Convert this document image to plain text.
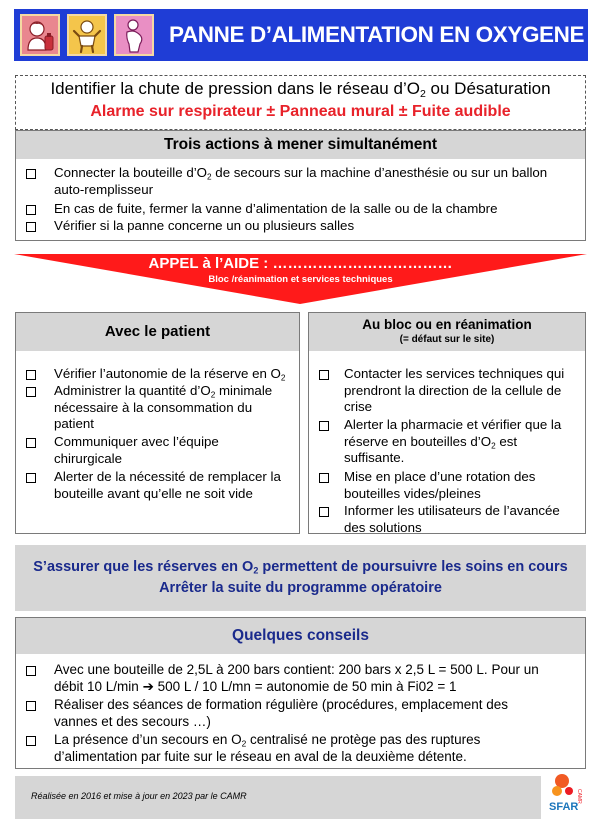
PANNE D’ALIMENTATION EN OXYGENE
Identifier la chute de pression dans le réseau $d’O_2$ ou Désaturation
Alarme sur respirateur ± Panneau mural ± Fuite audible
Trois actions à mener simultanément
Connecter la bouteille $d’O_2$ de secours sur la machine d’anesthésie ou sur un ballon
auto-remplisseur
En cas de fuite, fermer la vanne d’alimentation de la salle ou de la chambre
Vérifier si la panne concerne un ou plusieurs salles
APPEL à l’AIDE : ………………………………
Bloc /réanimation et services techniques
Avec le patient
Vérifier l’autonomie de la réserve en $O_2$
Administrer la quantité $d’O_2$ minimale
nécessaire à la consommation du
patient
Communiquer avec l’équipe
chirurgicale
Alerter de la nécessité de remplacer la
bouteille avant qu’elle ne soit vide
Au bloc ou en réanimation
(= défaut sur le site)
Contacter les services techniques qui
prendront la direction de la cellule de
crise
Alerter la pharmacie et vérifier que la
réserve en bouteilles $d’O_2$ est
suffisante.
Mise en place d’une rotation des
bouteilles vides/pleines
Informer les utilisateurs de l’avancée
des solutions
S’assurer que les réserves en $O_2$ permettent de poursuivre les soins en cours
Arrêter la suite du programme opératoire
Quelques conseils
Avec une bouteille de 2,5L à 200 bars contient: 200 bars x 2,5 L = 500 L. Pour un
débit 10 L/min ➔ 500 L / 10 L/mn = autonomie de 50 min à Fi02 = 1
Réaliser des séances de formation régulière (procédures, emplacement des
vannes et des secours …)
La présence d’un secours en $O_2$ centralisé ne protège pas des ruptures
d’alimentation par fuite sur le réseau en aval de la deuxième détente.
Réalisée en 2016 et mise à jour en 2023 par le CAMR
SFAR
CAMR
